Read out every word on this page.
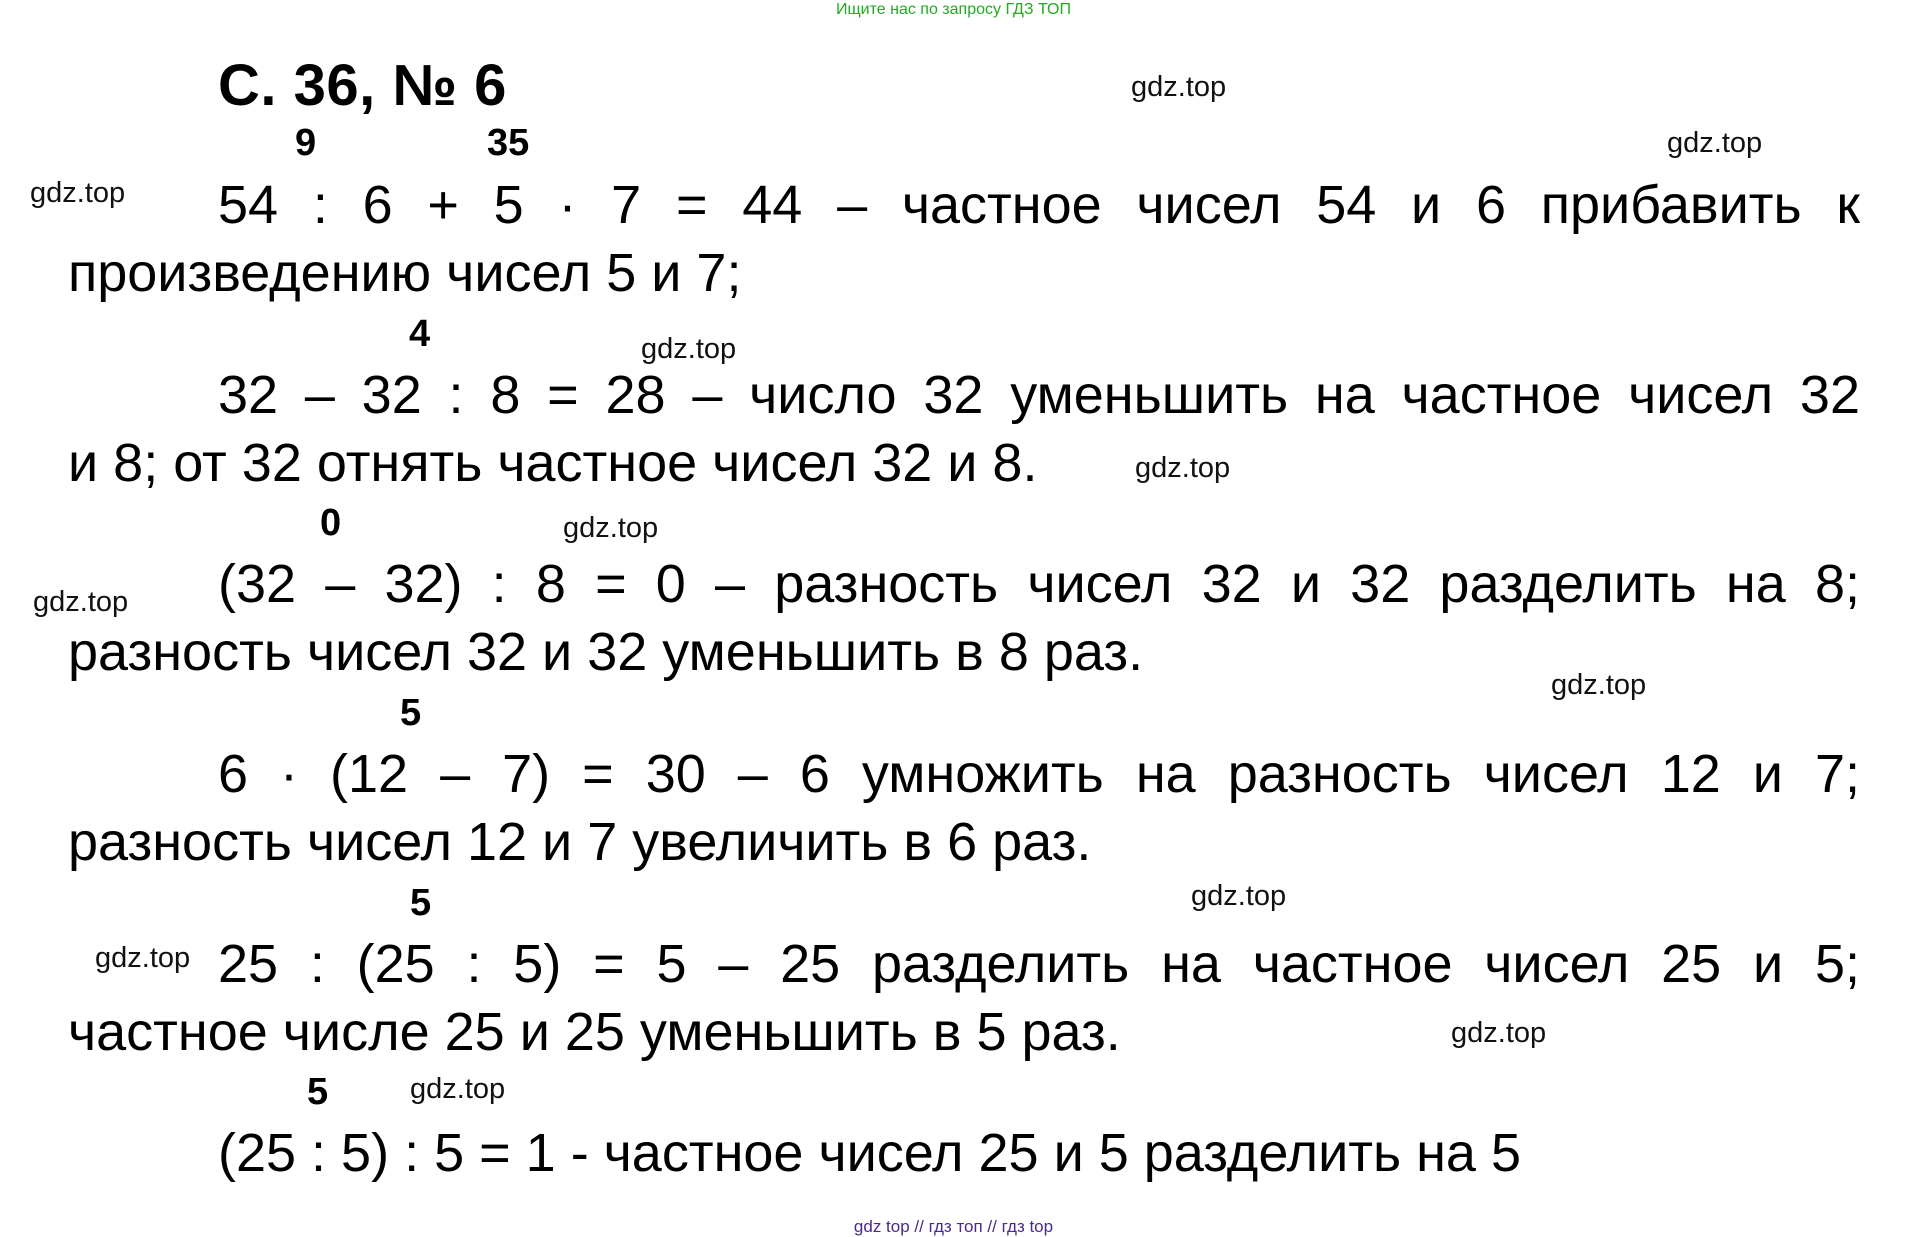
Ищите нас по запросу ГДЗ ТОП
С. 36, № 6	gdz.top
gdz.top
gdz.top
gdz.top
gdz.top
gdz.top
gdz.top
gdz.top
gdz.top
gdz.top
gdz.top
gdz.top
9	35
4
0
5
5
5
54 : 6 + 5 · 7 = 44 – частное чисел 54 и 6 прибавить к
произведению чисел 5 и 7;
32 – 32 : 8 = 28 – число 32 уменьшить на частное чисел 32
и 8; от 32 отнять частное чисел 32 и 8.
(32 – 32) : 8 = 0 – разность чисел 32 и 32 разделить на 8;
разность чисел 32 и 32 уменьшить в 8 раз.
6 · (12 – 7) = 30 – 6 умножить на разность чисел 12 и 7;
разность чисел 12 и 7 увеличить в 6 раз.
25 : (25 : 5) = 5 – 25 разделить на частное чисел 25 и 5;
частное числе 25 и 25 уменьшить в 5 раз.
(25 : 5) : 5 = 1 - частное чисел 25 и 5 разделить на 5
gdz top // гдз топ // гдз top
